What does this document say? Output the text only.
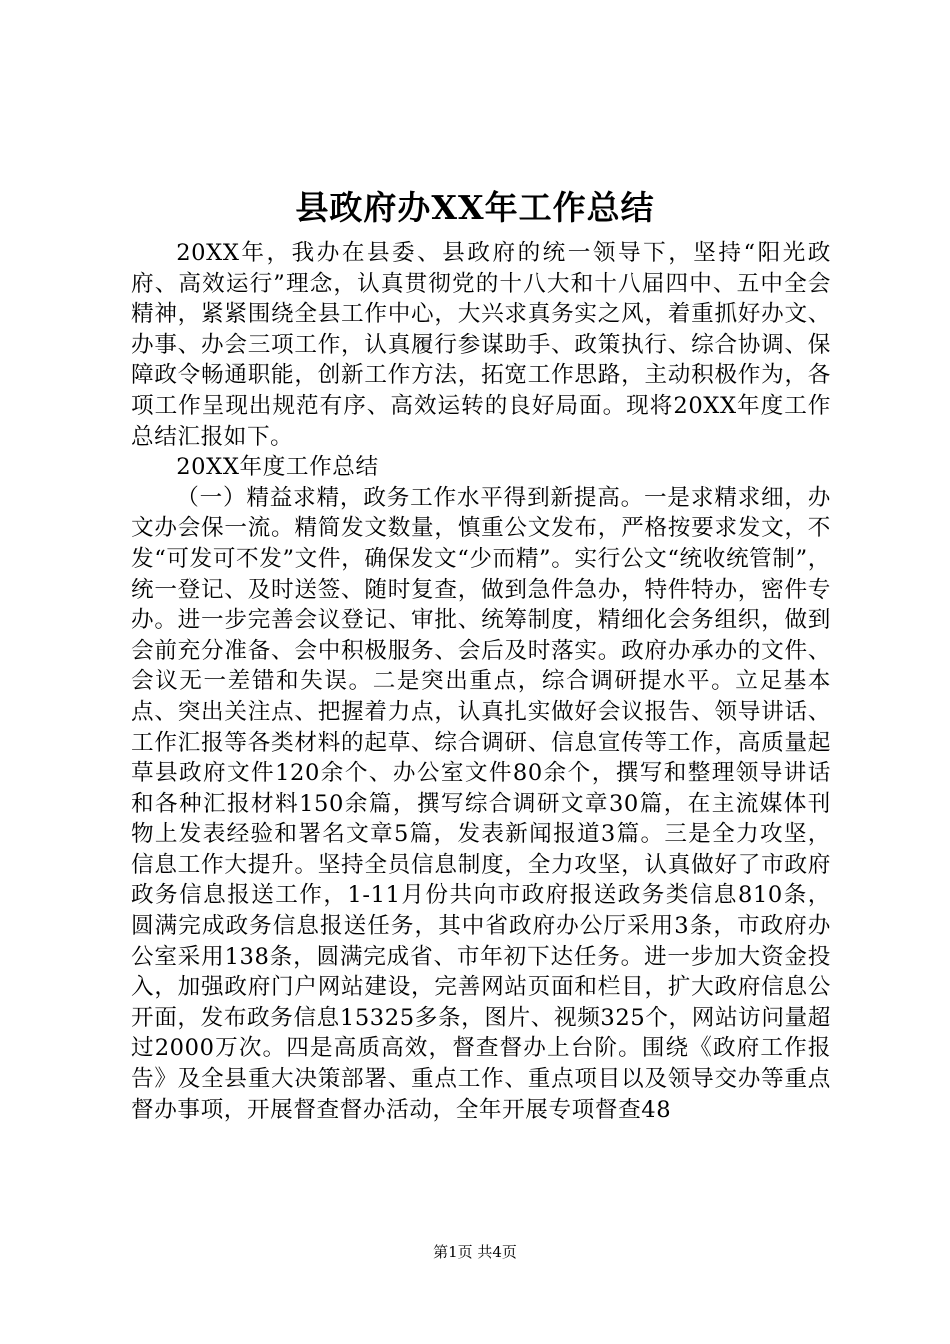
县政府办XX年工作总结

20XX年，我办在县委、县政府的统一领导下，坚持“阳光政府、高效运行”理念，认真贯彻党的十八大和十八届四中、五中全会精神，紧紧围绕全县工作中心，大兴求真务实之风，着重抓好办文、办事、办会三项工作，认真履行参谋助手、政策执行、综合协调、保障政令畅通职能，创新工作方法，拓宽工作思路，主动积极作为，各项工作呈现出规范有序、高效运转的良好局面。现将20XX年度工作总结汇报如下。

20XX年度工作总结

（一）精益求精，政务工作水平得到新提高。一是求精求细，办文办会保一流。精简发文数量，慎重公文发布，严格按要求发文，不发“可发可不发”文件，确保发文“少而精”。实行公文“统收统管制”，统一登记、及时送签、随时复查，做到急件急办，特件特办，密件专办。进一步完善会议登记、审批、统筹制度，精细化会务组织，做到会前充分准备、会中积极服务、会后及时落实。政府办承办的文件、会议无一差错和失误。二是突出重点，综合调研提水平。立足基本点、突出关注点、把握着力点，认真扎实做好会议报告、领导讲话、工作汇报等各类材料的起草、综合调研、信息宣传等工作，高质量起草县政府文件120余个、办公室文件80余个，撰写和整理领导讲话和各种汇报材料150余篇，撰写综合调研文章30篇，在主流媒体刊物上发表经验和署名文章5篇，发表新闻报道3篇。三是全力攻坚，信息工作大提升。坚持全员信息制度，全力攻坚，认真做好了市政府政务信息报送工作，1-11月份共向市政府报送政务类信息810条，圆满完成政务信息报送任务，其中省政府办公厅采用3条，市政府办公室采用138条，圆满完成省、市年初下达任务。进一步加大资金投入，加强政府门户网站建设，完善网站页面和栏目，扩大政府信息公开面，发布政务信息15325多条，图片、视频325个，网站访问量超过2000万次。四是高质高效，督查督办上台阶。围绕《政府工作报告》及全县重大决策部署、重点工作、重点项目以及领导交办等重点督办事项，开展督查督办活动，全年开展专项督查48

第1页 共4页
